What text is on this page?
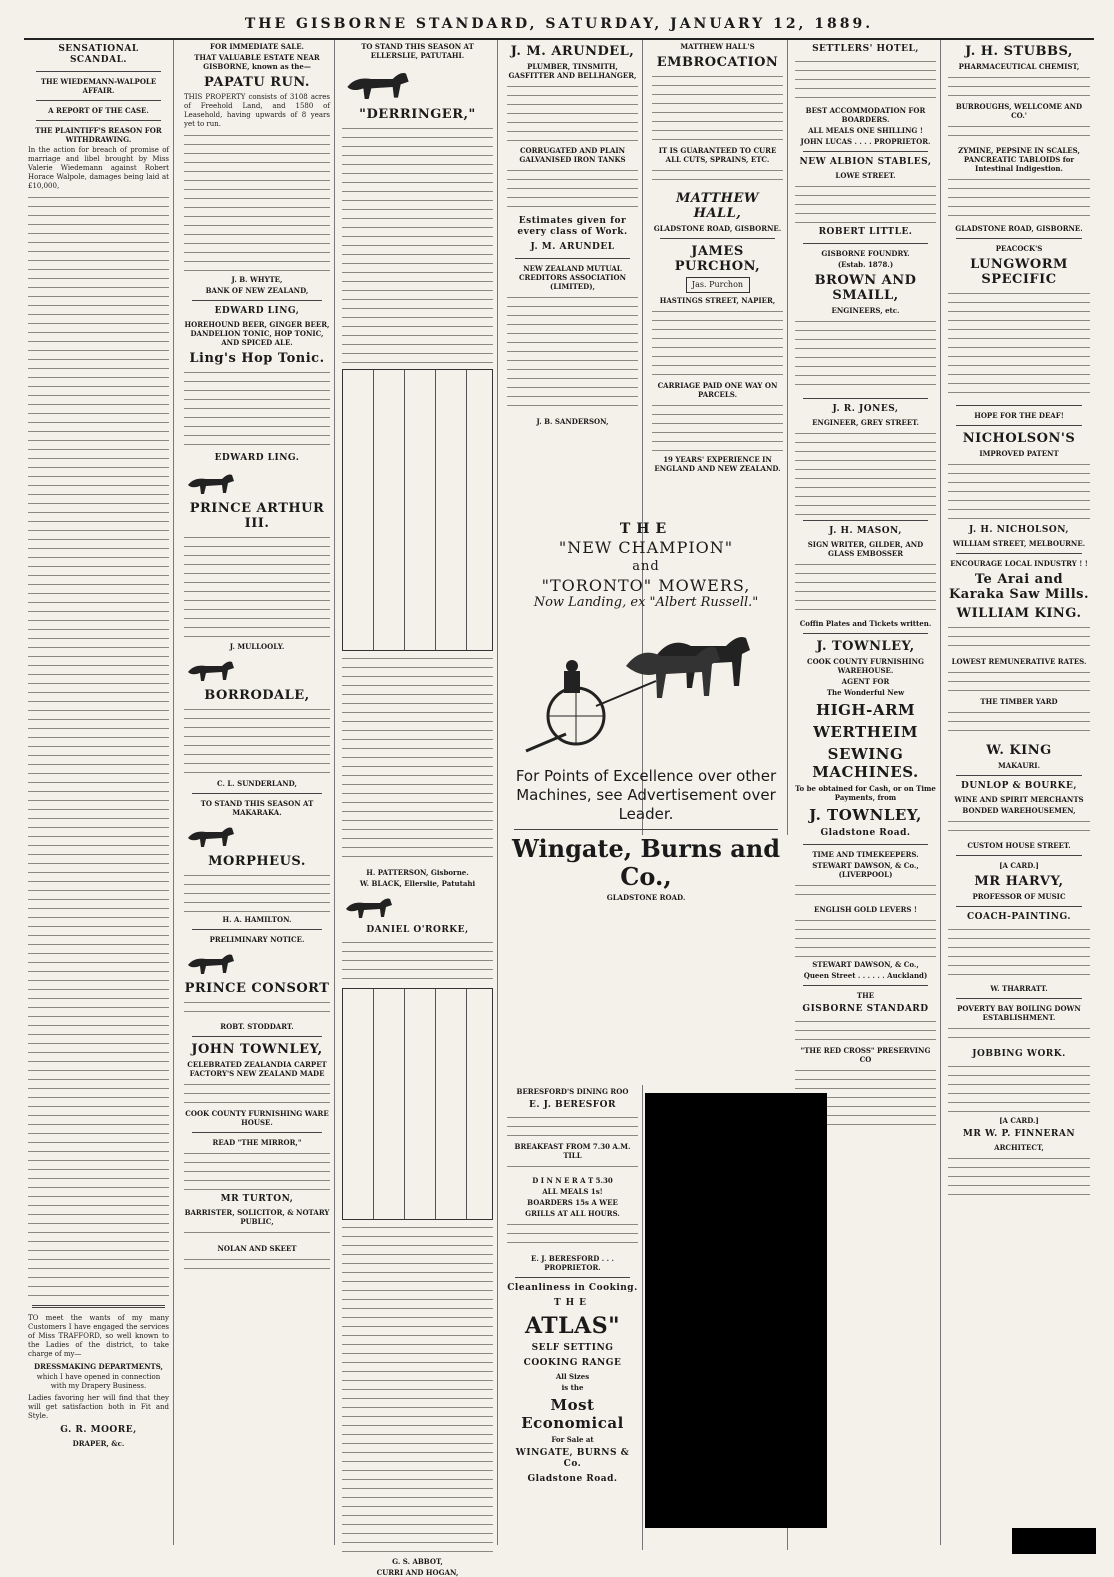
THE GISBORNE STANDARD, SATURDAY, JANUARY 12, 1889.
SENSATIONAL SCANDAL.
THE WIEDEMANN-WALPOLE AFFAIR.
A REPORT OF THE CASE.
THE PLAINTIFF'S REASON FOR WITHDRAWING.

In the action for breach of promise of marriage and libel brought by Miss Valerie Wiedemann against Robert Horace Walpole, damages being laid at £10,000,

TO meet the wants of my many Customers I have engaged the services of Miss TRAFFORD, so well known to the Ladies of the district, to take charge of my—

DRESSMAKING DEPARTMENTS,

which I have opened in connection with my Drapery Business.

Ladies favoring her will find that they will get satisfaction both in Fit and Style.

G. R. MOORE,
DRAPER, &c.
FOR IMMEDIATE SALE.
THAT VALUABLE ESTATE NEAR GISBORNE, known as the—
PAPATU RUN.

THIS PROPERTY consists of 3108 acres of Freehold Land, and 1580 of Leasehold, having upwards of 8 years yet to run.

J. B. WHYTE,
BANK OF NEW ZEALAND,
EDWARD LING,
HOREHOUND BEER, GINGER BEER, DANDELION TONIC, HOP TONIC, AND SPICED ALE.
Ling's Hop Tonic.
EDWARD LING.
PRINCE ARTHUR III.
J. MULLOOLY.
BORRODALE,
C. L. SUNDERLAND,
TO STAND THIS SEASON AT MAKARAKA.
MORPHEUS.
H. A. HAMILTON.
PRELIMINARY NOTICE.
PRINCE CONSORT
ROBT. STODDART.
JOHN TOWNLEY,
CELEBRATED ZEALANDIA CARPET FACTORY'S NEW ZEALAND MADE
COOK COUNTY FURNISHING WARE HOUSE.
READ "THE MIRROR,"
MR TURTON,
BARRISTER, SOLICITOR, & NOTARY PUBLIC,
NOLAN AND SKEET
TO STAND THIS SEASON AT ELLERSLIE, PATUTAHI.
"DERRINGER,"
H. PATTERSON, Gisborne.
W. BLACK, Ellerslie, Patutahi
DANIEL O'RORKE,
G. S. ABBOT,
CURRI AND HOGAN,
J. M. ARUNDEL,
PLUMBER, TINSMITH, GASFITTER AND BELLHANGER,
CORRUGATED AND PLAIN GALVANISED IRON TANKS
Estimates given for every class of Work.
J. M. ARUNDEL
NEW ZEALAND MUTUAL CREDITORS ASSOCIATION (LIMITED),
J. B. SANDERSON,
MATTHEW HALL'S
EMBROCATION
IT IS GUARANTEED TO CURE ALL CUTS, SPRAINS, ETC.
MATTHEW HALL,
GLADSTONE ROAD, GISBORNE.
JAMES PURCHON,
Jas. Purchon
HASTINGS STREET, NAPIER,
CARRIAGE PAID ONE WAY ON PARCELS.
19 YEARS' EXPERIENCE IN ENGLAND AND NEW ZEALAND.
THE
"NEW CHAMPION"
and
"TORONTO" MOWERS,
Now Landing, ex "Albert Russell."
For Points of Excellence over other Machines, see Advertisement over Leader.
Wingate, Burns and Co.,
GLADSTONE ROAD.
BERESFORD'S DINING ROO
E. J. BERESFOR
BREAKFAST FROM 7.30 A.M. TILL
D I N N E R A T 5.30
ALL MEALS 1s!
BOARDERS 15s A WEE
GRILLS AT ALL HOURS.
E. J. BERESFORD . . . PROPRIETOR.
Cleanliness in Cooking.
THE
ATLAS"
SELF SETTING
COOKING RANGE
All Sizes
is the
Most Economical
For Sale at
WINGATE, BURNS & Co.
Gladstone Road.
SETTLERS' HOTEL,
BEST ACCOMMODATION FOR BOARDERS.
ALL MEALS ONE SHILLING !
JOHN LUCAS . . . . PROPRIETOR.
NEW ALBION STABLES,
LOWE STREET.
ROBERT LITTLE.
GISBORNE FOUNDRY.
(Estab. 1878.)
BROWN AND SMAILL,
ENGINEERS, etc.
J. R. JONES,
ENGINEER, GREY STREET.
J. H. MASON,
SIGN WRITER, GILDER, AND GLASS EMBOSSER
Coffin Plates and Tickets written.
J. TOWNLEY,
COOK COUNTY FURNISHING WAREHOUSE.
AGENT FOR
The Wonderful New
HIGH-ARM
WERTHEIM
SEWING MACHINES.
To be obtained for Cash, or on Time Payments, from
J. TOWNLEY,
Gladstone Road.
TIME AND TIMEKEEPERS.
STEWART DAWSON, & Co., (LIVERPOOL)
ENGLISH GOLD LEVERS !
STEWART DAWSON, & Co.,
Queen Street . . . . . . Auckland)
THE
GISBORNE STANDARD
"THE RED CROSS" PRESERVING CO
J. H. STUBBS,
PHARMACEUTICAL CHEMIST,
BURROUGHS, WELLCOME AND CO.'
ZYMINE, PEPSINE IN SCALES, PANCREATIC TABLOIDS for Intestinal Indigestion.
GLADSTONE ROAD, GISBORNE.
PEACOCK'S
LUNGWORM SPECIFIC
HOPE FOR THE DEAF!
NICHOLSON'S
IMPROVED PATENT
J. H. NICHOLSON,
WILLIAM STREET, MELBOURNE.
ENCOURAGE LOCAL INDUSTRY ! !
Te Arai and Karaka Saw Mills.
WILLIAM KING.
LOWEST REMUNERATIVE RATES.
THE TIMBER YARD
W. KING
MAKAURI.
DUNLOP & BOURKE,
WINE AND SPIRIT MERCHANTS
BONDED WAREHOUSEMEN,
CUSTOM HOUSE STREET.
[A CARD.]
MR HARVY,
PROFESSOR OF MUSIC
COACH-PAINTING.
W. THARRATT.
POVERTY BAY BOILING DOWN ESTABLISHMENT.
JOBBING WORK.
[A CARD.]
MR W. P. FINNERAN
ARCHITECT,
